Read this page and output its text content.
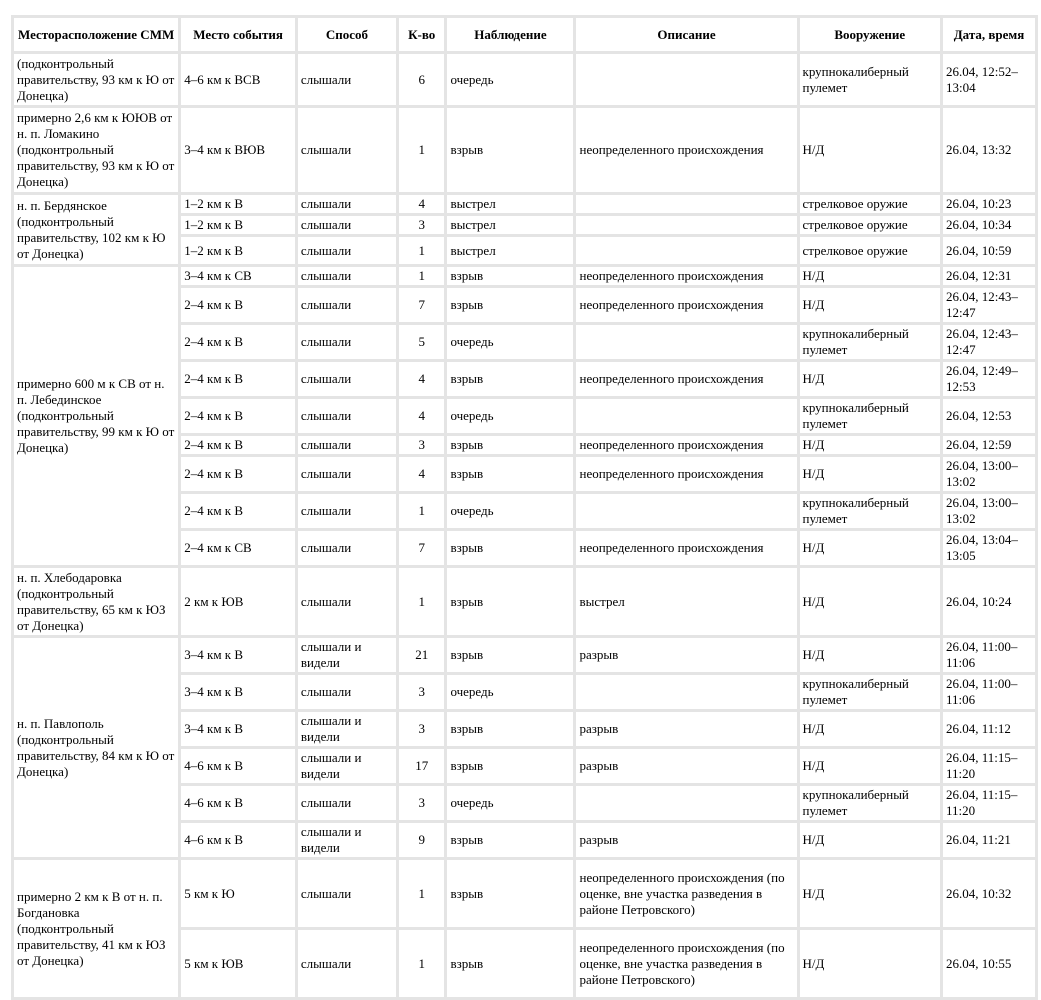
Месторасположение СММ	Место события	Способ	К-во	Наблюдение	Описание	Вооружение	Дата, время
(подконтрольный правительству, 93 км к Ю от Донецка)	4–6 км к ВСВ	слышали	6	очередь		крупнокалиберный пулемет	26.04, 12:52–13:04
примерно 2,6 км к ЮЮВ от н. п. Ломакино (подконтрольный правительству, 93 км к Ю от Донецка)	3–4 км к ВЮВ	слышали	1	взрыв	неопределенного происхождения	Н/Д	26.04, 13:32
н. п. Бердянское (подконтрольный правительству, 102 км к Ю от Донецка)	1–2 км к В	слышали	4	выстрел		стрелковое оружие	26.04, 10:23
	1–2 км к В	слышали	3	выстрел		стрелковое оружие	26.04, 10:34
	1–2 км к В	слышали	1	выстрел		стрелковое оружие	26.04, 10:59
примерно 600 м к СВ от н. п. Лебединское (подконтрольный правительству, 99 км к Ю от Донецка)	3–4 км к СВ	слышали	1	взрыв	неопределенного происхождения	Н/Д	26.04, 12:31
	2–4 км к В	слышали	7	взрыв	неопределенного происхождения	Н/Д	26.04, 12:43–12:47
	2–4 км к В	слышали	5	очередь		крупнокалиберный пулемет	26.04, 12:43–12:47
	2–4 км к В	слышали	4	взрыв	неопределенного происхождения	Н/Д	26.04, 12:49–12:53
	2–4 км к В	слышали	4	очередь		крупнокалиберный пулемет	26.04, 12:53
	2–4 км к В	слышали	3	взрыв	неопределенного происхождения	Н/Д	26.04, 12:59
	2–4 км к В	слышали	4	взрыв	неопределенного происхождения	Н/Д	26.04, 13:00–13:02
	2–4 км к В	слышали	1	очередь		крупнокалиберный пулемет	26.04, 13:00–13:02
	2–4 км к СВ	слышали	7	взрыв	неопределенного происхождения	Н/Д	26.04, 13:04–13:05
н. п. Хлебодаровка (подконтрольный правительству, 65 км к ЮЗ от Донецка)	2 км к ЮВ	слышали	1	взрыв	выстрел	Н/Д	26.04, 10:24
н. п. Павлополь (подконтрольный правительству, 84 км к Ю от Донецка)	3–4 км к В	слышали и видели	21	взрыв	разрыв	Н/Д	26.04, 11:00–11:06
	3–4 км к В	слышали	3	очередь		крупнокалиберный пулемет	26.04, 11:00–11:06
	3–4 км к В	слышали и видели	3	взрыв	разрыв	Н/Д	26.04, 11:12
	4–6 км к В	слышали и видели	17	взрыв	разрыв	Н/Д	26.04, 11:15–11:20
	4–6 км к В	слышали	3	очередь		крупнокалиберный пулемет	26.04, 11:15–11:20
	4–6 км к В	слышали и видели	9	взрыв	разрыв	Н/Д	26.04, 11:21
примерно 2 км к В от н. п. Богдановка (подконтрольный правительству, 41 км к ЮЗ от Донецка)	5 км к Ю	слышали	1	взрыв	неопределенного происхождения (по оценке, вне участка разведения в районе Петровского)	Н/Д	26.04, 10:32
	5 км к ЮВ	слышали	1	взрыв	неопределенного происхождения (по оценке, вне участка разведения в районе Петровского)	Н/Д	26.04, 10:55
